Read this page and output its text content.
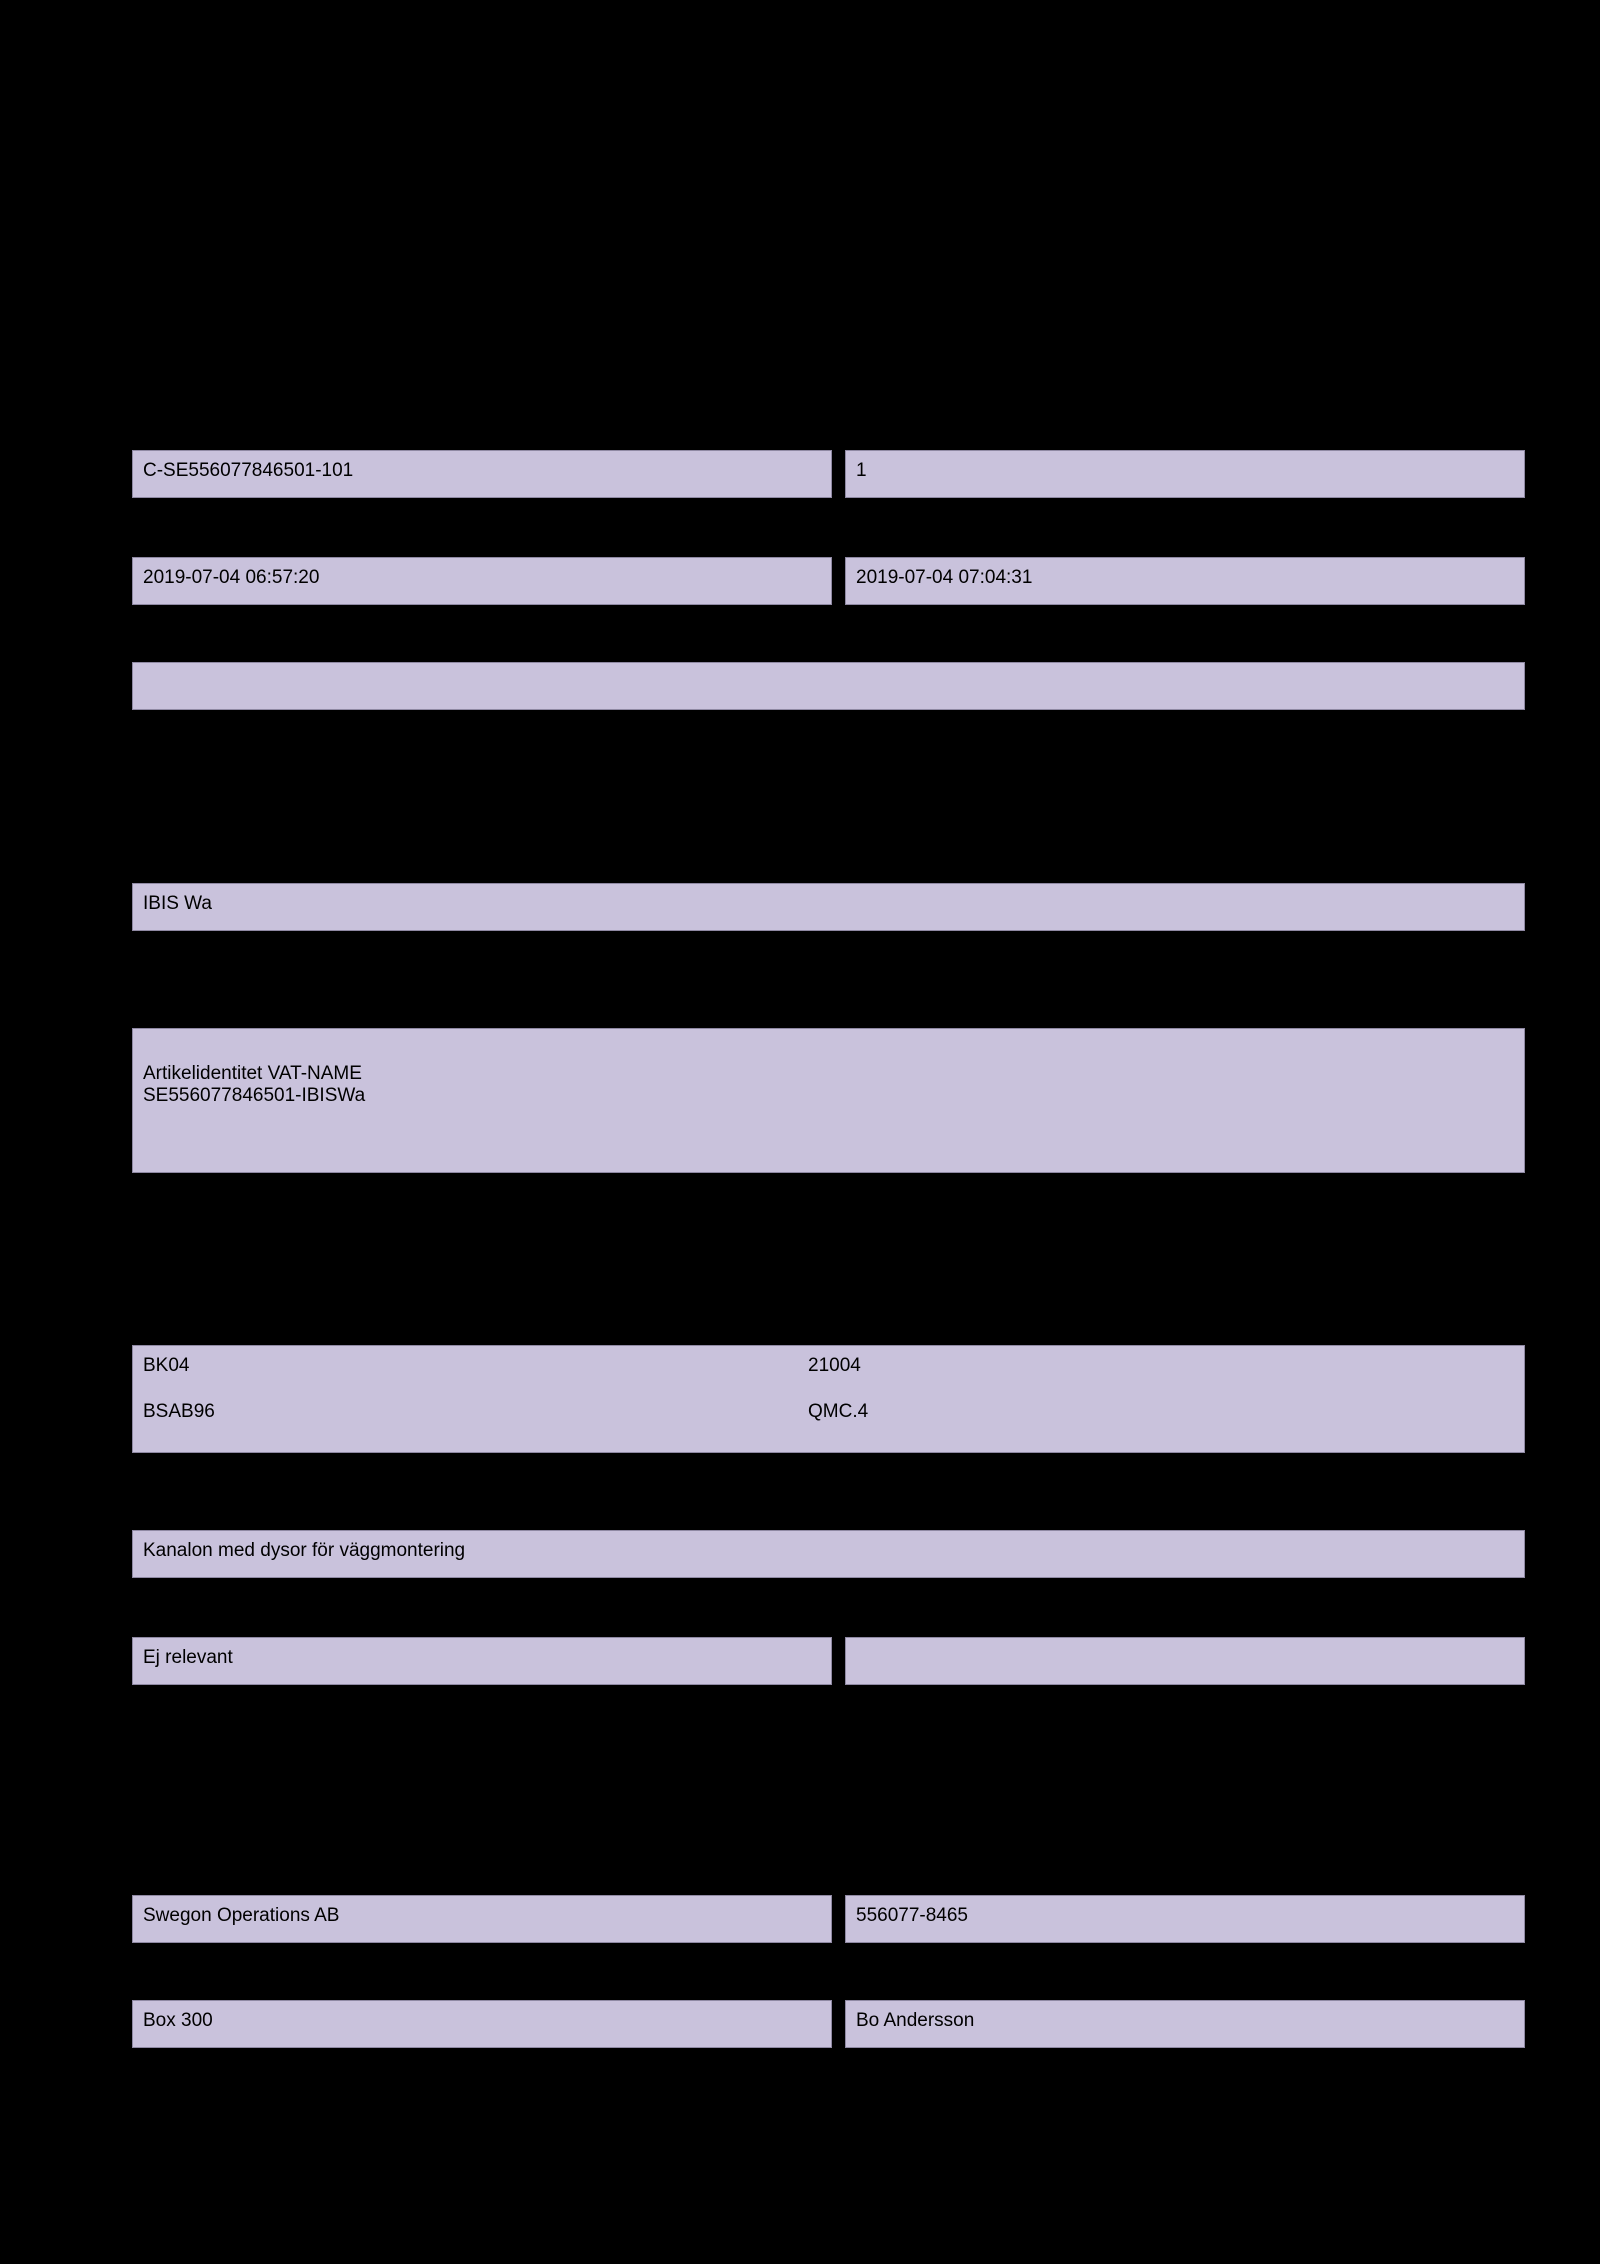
C-SE556077846501-101	1
2019-07-04 06:57:20	2019-07-04 07:04:31
IBIS Wa

Artikelidentitet VAT-NAME

SE556077846501-IBISWa

BK04	21004

BSAB96	QMC.4

Kanalon med dysor för väggmontering
Ej relevant
Swegon Operations AB	556077-8465
Box 300	Bo Andersson
